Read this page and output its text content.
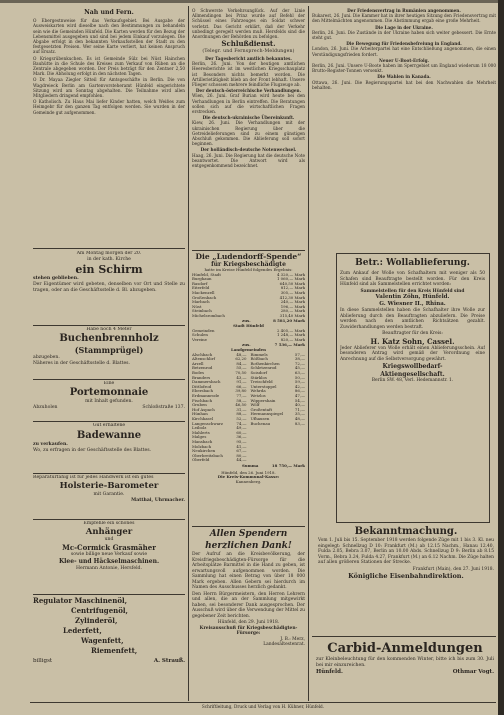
Nah und Fern.

O Ebergestnweise für das Verkaufsgebiet. Bei Ausgabe der Ausweiskarten wird dieselbe nach den Bestimmungen zu behandeln sein wie die Gemeinden Hünfeld. Die Karten werden für den Bezug der Lebensmittel ausgegeben und sind bei jedem Einkauf vorzulegen. Die Abgabe erfolgt in den bekannten Verkaufsstellen der Stadt zu den festgesetzten Preisen. Wer seine Karte verliert, hat keinen Anspruch auf Ersatz.

O Kriegsrübenkuchen. Es ist Gemeinde Sülz bei Nüst Hainchen Bauhütte in die Schule des Kreises zum Verkauf von Rüben an die Zentrale abgegeben worden. Der Preis beträgt für den Zentner 2,50 Mark. Die Abholung erfolgt in den nächsten Tagen.

O Dr. Mayaa Ziegler Sitteil für Amtsgeschäfte in Berlin. Die von Wagdreieck Berlin am Gartenvorsteheramt Hünfeld eingerichtete Sitzung wird am Sonntag abgehalten. Die Teilnahme wird allen Mitgliedern dringend empfohlen.

O Katholisch. Zu Haus Mai liefer Kinder hatten, welch Weißes zum Heimgebr für den ganzen Tag entfolgen werden. Sie wurden in der Gemeinde gut aufgenommen.

Am Montag morgen der 20.
in der kath. Kirche
ein Schirm
stehen geblieben.
Der Eigentümer wird gebeten, denselben vor Ort und Stelle zu tragen, oder an die Geschäftsstelle d. Bl. abzugeben.
Habe noch 4 Meter
Buchenbrennholz
(Stammprügel)
abzugeben.
Näheres in der Geschäftsstelle d. Blattes.
Eine
Portemonnaie
mit Inhalt gefunden.
Abzuholen	Schloßstraße 137.
Gut erhaltene
Badewanne
zu verkaufen.
Wo, zu erfragen in der Geschäftsstelle des Blattes.
Reparaturfähig ist für jedes Handwerk ist ein gutes
Holsterie-Barometer
mit Garantie.
Matthai, Uhrmacher.
Empfehle ein schönes
Anhänger
und
Mc-Cormick Grasmäher
sowie billige neue Verkauf sowie
Klee- und Häckselmaschinen.
Hermann Antonie, Hersfeld.
Regulator Maschinenöl,
Centrifugenöl,
Zylinderöl,
Lederfett,
Wagenfett,
Riemenfett,
billigst	A. Strauß.

O Schwerste Verkehrsunglück. Auf der Linie Allmendingen bei Prinz wurde auf Befehl der Schüssel eines Fahrzeuges ein Soldat schwer verletzt. Das Gericht erklärt, daß der Verkehr unbedingt geregelt werden muß. Hersfelds sind die Anordnungen der Behörden zu befolgen.

Schlußdienst.
(Telegr. und Fernsprech-Meldungen)
Der Tagesbericht amtlich bekanntes.

Berlin, 26. Juni. Von der heutigen amtlichen Heeresberichte ist im westlichen Kriegsschauplatz ist Besonders nichts bemerkt worden. Die Artillerietätigkeit blieb an der Front lebhaft. Unsere Flieger schossen mehrere feindliche Flugzeuge ab.

Der deutsch-österreichische Verhandlungen.

Wien, 26. Juni. Graf Burian wird heute bei den Verhandlungen in Berlin eintreffen. Die Beratungen sollen sich auf die wirtschaftlichen Fragen erstrecken.

Die deutsch-ukrainische Übereinkunft.

Kiew, 26. Juni. Die Verhandlungen mit der ukrainischen Regierung über die Getreidelieferungen sind zu einem günstigen Abschluß gekommen. Die Ablieferung soll sofort beginnen.

Der holländisch-deutsche Notenwechsel.

Haag, 26. Juni. Die Regierung hat die deutsche Note beantwortet. Die Antwort wird als entgegenkommend bezeichnet.

Die „Ludendorff-Spende“
für Kriegsbeschädigte
hatte im Kreise Hünfeld folgendes Ergebnis:
Hünfeld, Stadt	4 320,— Mark
Burghaun	1 060,— Mark
Rasdorf	640,50 Mark
Eiterfeld	812,— Mark
Mackenzell	305,— Mark
Großenbach	412,30 Mark
Marbach	240,— Mark
Nüst	196,— Mark
Steinbach	280,— Mark
Michelsrombach	315,40 Mark
zus.	8 581,20 Mark
Stadt Hünfeld
Gemeinden	2 405,— Mark
Schulen	1 248,— Mark
Vereine	820,— Mark
zus.	7 536,— Mark
Landgemeinden
Alschbach	48,—
Altenschlirf	62,20
Arzell	84,—
Betzenrod	55,—
Bodes	70,50
Branders	43,—
Dammersbach	91,—
Dittlofrod	66,—
Ebersbach	39,80
Erdmannrode	77,—
Fischbach	58,—
Gruben	46,50
Hof Aspach	31,—
Hünhan	88,—
Kirchhasel	52,—
Langenschwarz	74,—
Leibolz	49,—
Mahlerts	60,—
Malges	36,—
Mansbach	95,—
Molzbach	41,—
Neukirchen	67,—
Oberbreitzbach	80,—
Oberfeld	44,—
Rimmels	57,—
Rößbach	38,—
Rothenkirchen	72,—
Schletzenrod	45,—
Soisdorf	63,—
Stärklos	50,—
Treischfeld	59,—
Unterstoppel	42,—
Wehrda	86,—
Wetzlos	47,—
Wippershain	54,—
Wölf	40,—
Großentaft	71,—
Hermannspiegel	35,—
Ufhausen	48,—
Buchenau	83,—
Summa	18 750,— Mark
Hünfeld, den 26. Juni 1918.
Die Kreis-Kommunal-Kasse:
Kannenberg.
Allen Spendern herzlichen Dank!

Der Aufruf an die Kreisbevölkerung, der Kreisfriegsbeschädigten-Fürsorge für die Arbeitsplätze Barmittel in die Hand zu geben, ist erwartungsvoll aufgenommen worden. Die Sammlung hat einen Betrag von über 18 000 Mark ergeben. Allen Gebern sei hierdurch im Namen des Ausschusses herzlich gedankt.

Den Herrn Bürgermeistern, den Herren Lehrern und allen, die an der Sammlung mitgewirkt haben, sei besonderer Dank ausgesprochen. Der Ausschuß wird über die Verwendung der Mittel zu gegebener Zeit berichten.

Hünfeld, den 29. Juni 1918.
Kreisausschuß für Kriegsbeschädigten-Fürsorge:
J. B.: Merz,
Landesältestenrat.
Der Friedensvertrag in Rumänien angenommen.

Bukarest, 26. Juni. Die Kammer hat in ihrer heutigen Sitzung den Friedensvertrag mit den Mittelmächten angenommen. Die Abstimmung ergab eine große Mehrheit.

Die Lage in der Ukraine.

Berlin, 26. Juni. Die Zustände in der Ukraine haben sich weiter gebessert. Die Ernte steht gut.

Die Bewegung für Friedensbefreiung in England.

London, 26. Juni. Die Arbeiterpartei hat eine Entschließung angenommen, die einen Verständigungsfrieden fordert.

Neuer U-Boot-Erfolg.

Berlin, 26. Juni. Unsere U-Boote haben im Sperrgebiet um England wiederum 18 000 Brutto-Register-Tonnen versenkt.

Die Wahlen in Kanada.

Ottawa, 26. Juni. Die Regierungspartei hat bei den Nachwahlen die Mehrheit behalten.

Betr.: Wollablieferung.

Zum Ankauf der Wolle von Schafhaltern mit weniger als 50 Schafen sind Beauftragte bestellt worden. Für den Kreis Hünfeld sind als Sammelstellen errichtet worden:

Sammelstellen für den Kreis Hünfeld sind
Valentin Zöhn, Hünfeld.
G. Wiesner II., Rhina.

In diese Sammelstellen haben die Schafhalter ihre Wolle zur Ablieferung durch den Beauftragten abzuliefern. Die Preise werden nach den amtlichen Richtsätzen gezahlt. Zuwiderhandlungen werden bestraft.

Beauftragter für den Kreis:
H. Katz Sohn, Cassel.

Jeder Ablieferer von Wolle erhält einen Ablieferungsschein. Auf besonderen Antrag wird gemäß der Verordnung eine Anrechnung auf die Selbstversorgung gewährt.

Kriegswollbedarf-
Aktiengesellschaft.
Berlin SW. 48, Verl. Hedemannstr. 1.
Bekanntmachung.

Vom 1. Juli bis 15. September 1918 werden folgende Züge mit 1 bis 3. Kl. neu eingelegt: Schnellzug D 10: Frankfurt (M.) ab 12.15 Nachm., Hanau 12.40, Fulda 2.05, Bebra 3.07, Berlin an 10.00 Abds. Schnellzug D 9: Berlin ab 8.15 Vorm., Bebra 3.24, Fulda 4.27, Frankfurt (M.) an 6.12 Nachm. Die Züge halten auf allen größeren Stationen der Strecke.

Frankfurt (Main), den 27. Juni 1918.
Königliche Eisenbahndirektion.
Carbid-Anmeldungen

zur Kleinbeleuchtung für den kommenden Winter, bitte ich bis zum 30. Juli bei mir einzureichen.

Hünfeld.	Othmar Vogt.
Schriftleitung, Druck und Verlag von H. Kühner, Hünfeld.
